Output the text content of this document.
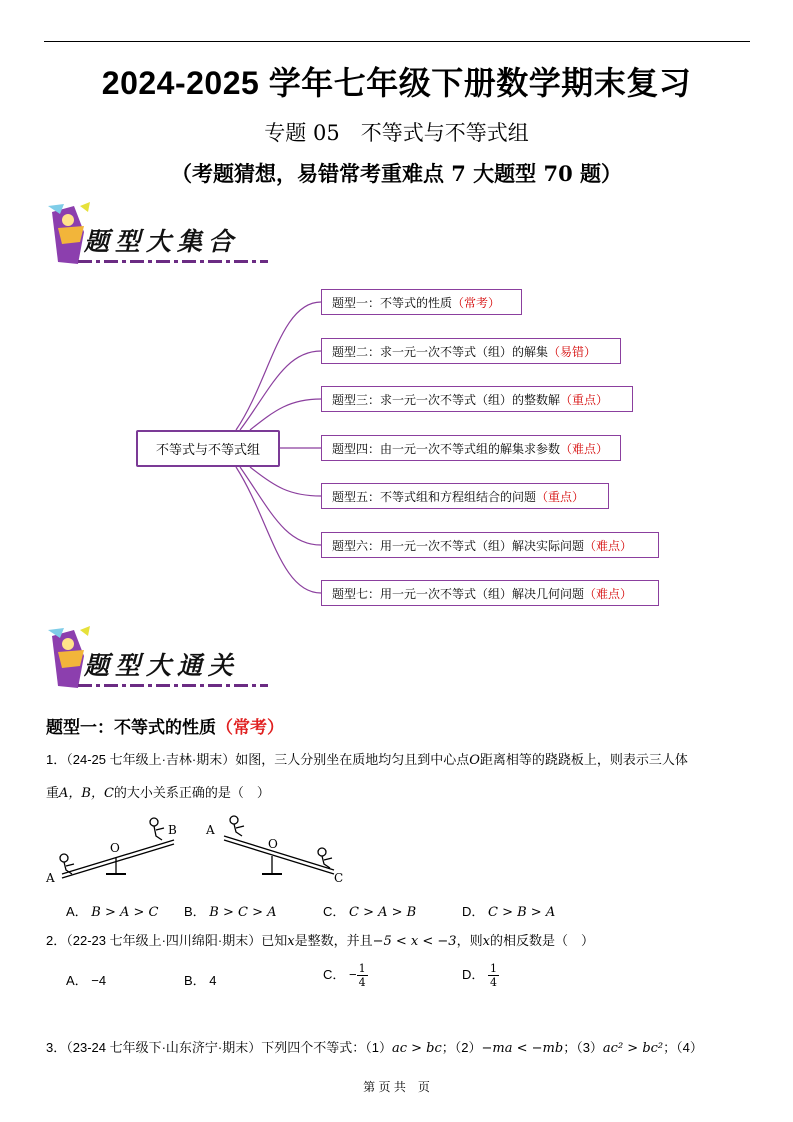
2024-2025 学年七年级下册数学期末复习
专题 05　不等式与不等式组
（考题猜想，易错常考重难点 7 大题型 70 题）
题型大集合
不等式与不等式组
题型一：不等式的性质 （常考）
题型二：求一元一次不等式（组）的解集 （易错）
题型三：求一元一次不等式（组）的整数解 （重点）
题型四：由一元一次不等式组的解集求参数 （难点）
题型五：不等式组和方程组结合的问题 （重点）
题型六：用一元一次不等式（组）解决实际问题 （难点）
题型七：用一元一次不等式（组）解决几何问题 （难点）
题型大通关
题型一：不等式的性质（常考）
1．（24-25 七年级上·吉林·期末）如图，三人分别坐在质地均匀且到中心点O距离相等的跷跷板上，则表示三人体
重A，B，C的大小关系正确的是（　）
A
O
B A
O
C
A． B > A > C B． B > C > A	C． C > A > B	D． C > B > A
2．（22-23 七年级上·四川绵阳·期末）已知x是整数，并且−5 < x < −3，则x的相反数是（　）
A． −4	B． 4	C． − $\frac{1}{4}$	D． $\frac{1}{4}$
3．（23-24 七年级下·山东济宁·期末）下列四个不等式：（1）ac > bc；（2）−ma < −mb；（3）ac² > bc²；（4）
第 页 共　页
